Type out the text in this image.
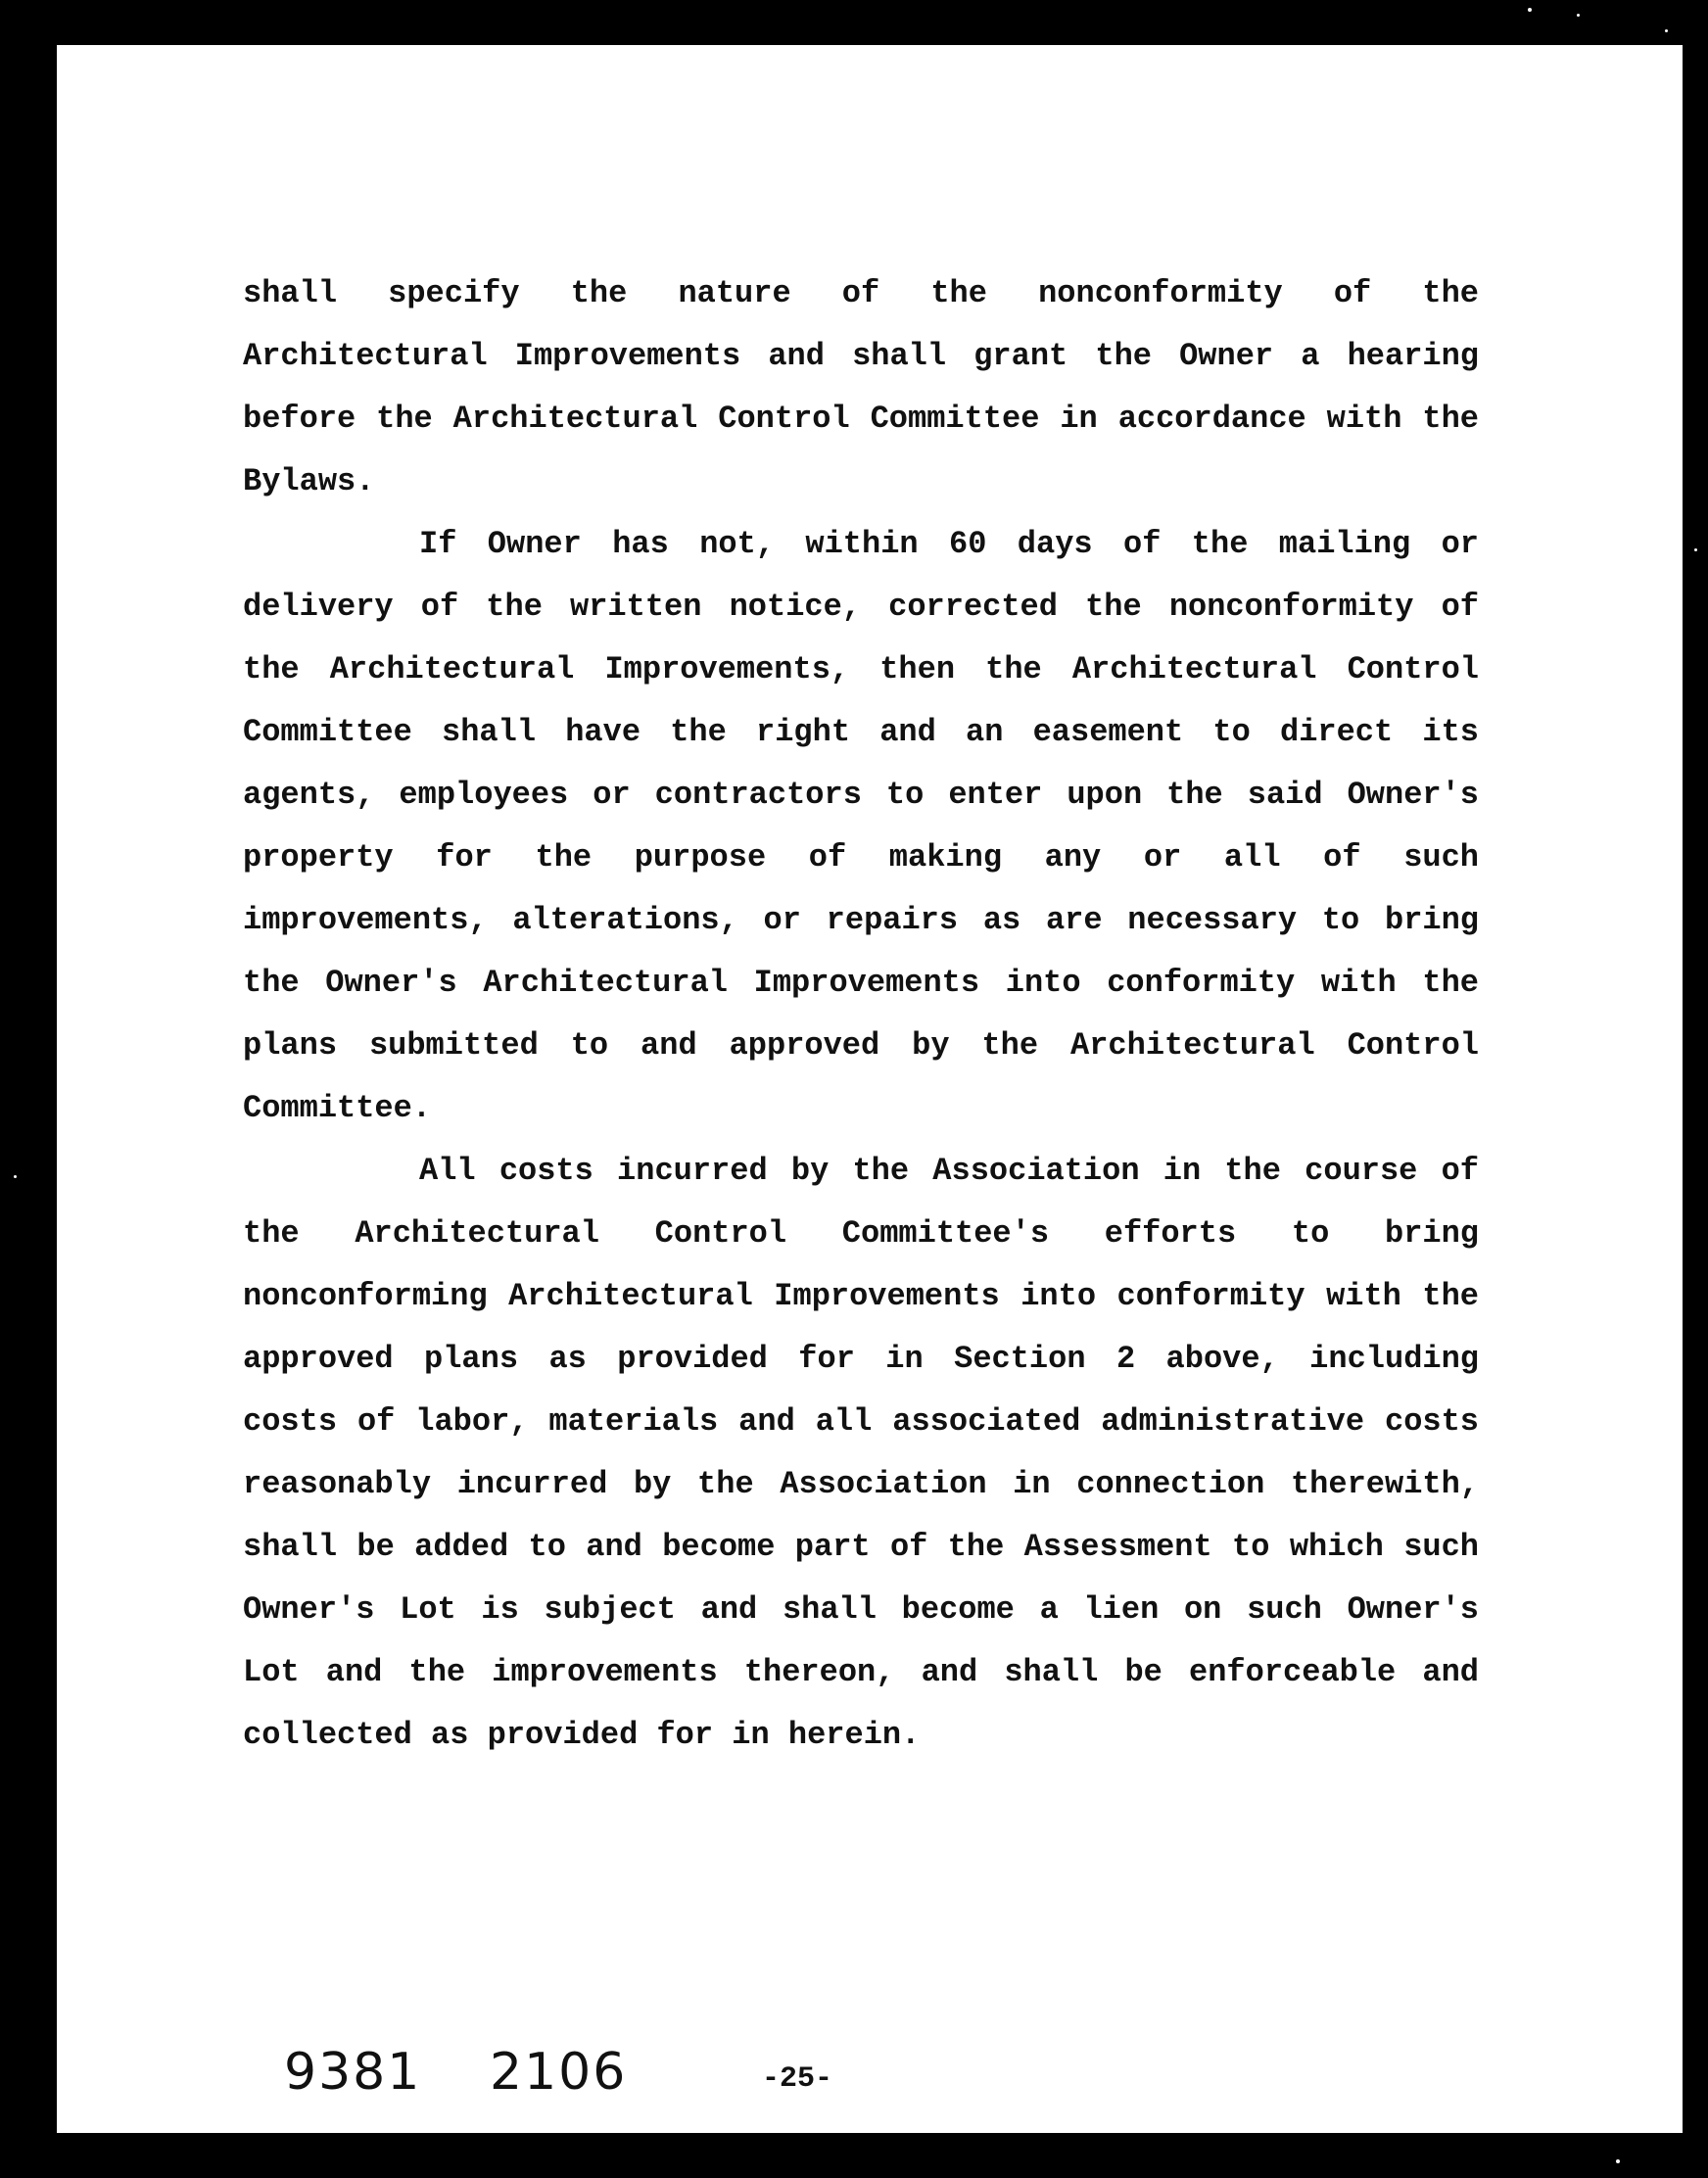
shall specify the nature of the nonconformity of the Architectural Improvements and shall grant the Owner a hearing before the Architectural Control Committee in accordance with the Bylaws.

If Owner has not, within 60 days of the mailing or delivery of the written notice, corrected the nonconformity of the Architectural Improvements, then the Architectural Control Committee shall have the right and an easement to direct its agents, employees or contractors to enter upon the said Owner's property for the purpose of making any or all of such improvements, alterations, or repairs as are necessary to bring the Owner's Architectural Improvements into conformity with the plans submitted to and approved by the Architectural Control Committee.

All costs incurred by the Association in the course of the Architectural Control Committee's efforts to bring nonconforming Architectural Improvements into conformity with the approved plans as provided for in Section 2 above, including costs of labor, materials and all associated administrative costs reasonably incurred by the Association in connection therewith, shall be added to and become part of the Assessment to which such Owner's Lot is subject and shall become a lien on such Owner's Lot and the improvements thereon, and shall be enforceable and collected as provided for in herein.

9381 2106	-25-
